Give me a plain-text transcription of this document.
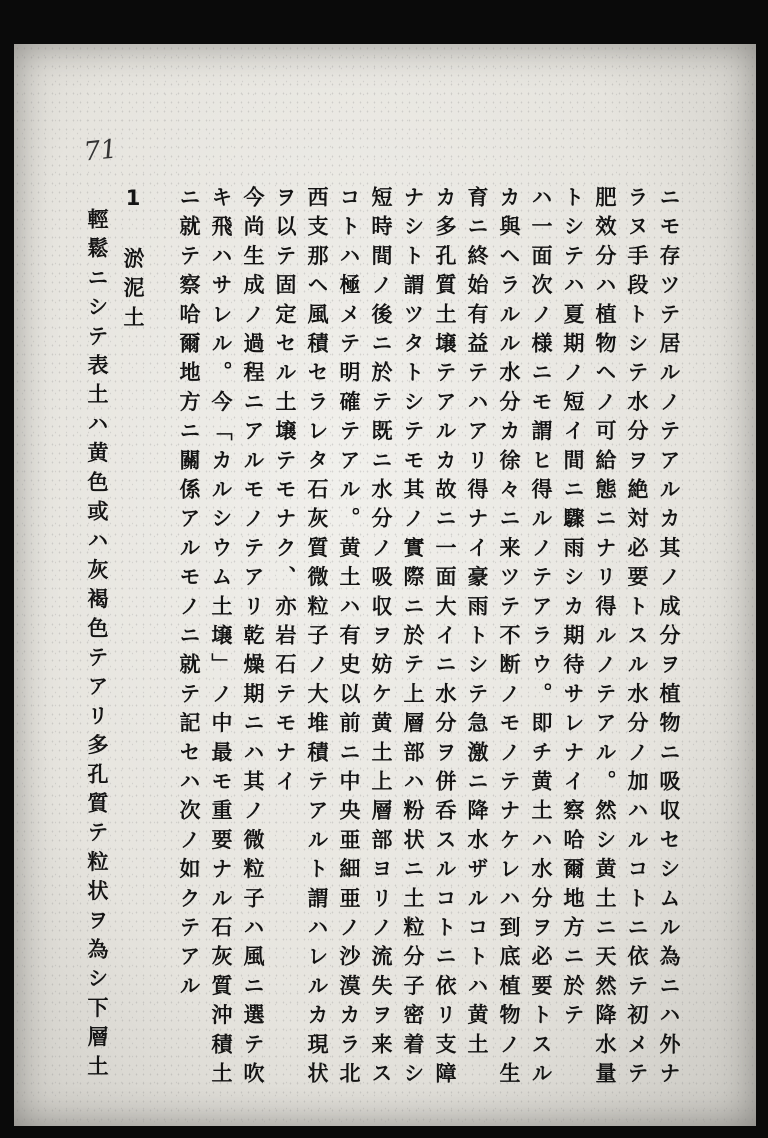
71
ニモ存ツテ居ルノテアルカ其ノ成分ヲ植物ニ吸収セシムル為ニハ外ナ
ラヌ手段トシテ水分ヲ絶対必要トスル水分ノ加ハルコトニ依テ初メテ
肥效分ハ植物ヘノ可給態ニナリ得ルノテアル。然シ黄土ニ天然降水量
トシテハ夏期ノ短イ間ニ驟雨シカ期待サレナイ察哈爾地方ニ於テ
ハ一面次ノ様ニモ謂ヒ得ルノテアラウ。即チ黄土ハ水分ヲ必要トスル
カ與ヘラルル水分カ徐々ニ来ツテ不断ノモノテナケレハ到底植物ノ生
育ニ終始有益テハアリ得ナイ豪雨トシテ急激ニ降水ザルコトハ黄土
カ多孔質土壌テアルカ故ニ一面大イニ水分ヲ併呑スルコトニ依リ支障
ナシト謂ツタトシテモ其ノ實際ニ於テ上層部ハ粉状ニ土粒分子密着シ
短時間ノ後ニ於テ既ニ水分ノ吸収ヲ妨ケ黄土上層部ヨリノ流失ヲ来ス
コトハ極メテ明確テアル。黄土ハ有史以前ニ中央亜細亜ノ沙漠カラ北
西支那ヘ風積セラレタ石灰質微粒子ノ大堆積テアルト謂ハレルカ現状
ヲ以テ固定セル土壌テモナク、亦岩石テモナイ
今尚生成ノ過程ニアルモノテアリ乾燥期ニハ其ノ微粒子ハ風ニ選テ吹
キ飛ハサレル。今「カルシウム土壌」ノ中最モ重要ナル石灰質沖積土
ニ就テ察哈爾地方ニ關係アルモノニ就テ記セハ次ノ如クテアル
1　淤泥土
輕鬆ニシテ表土ハ黄色或ハ灰褐色テアリ多孔質テ粒状ヲ為シ下層土
